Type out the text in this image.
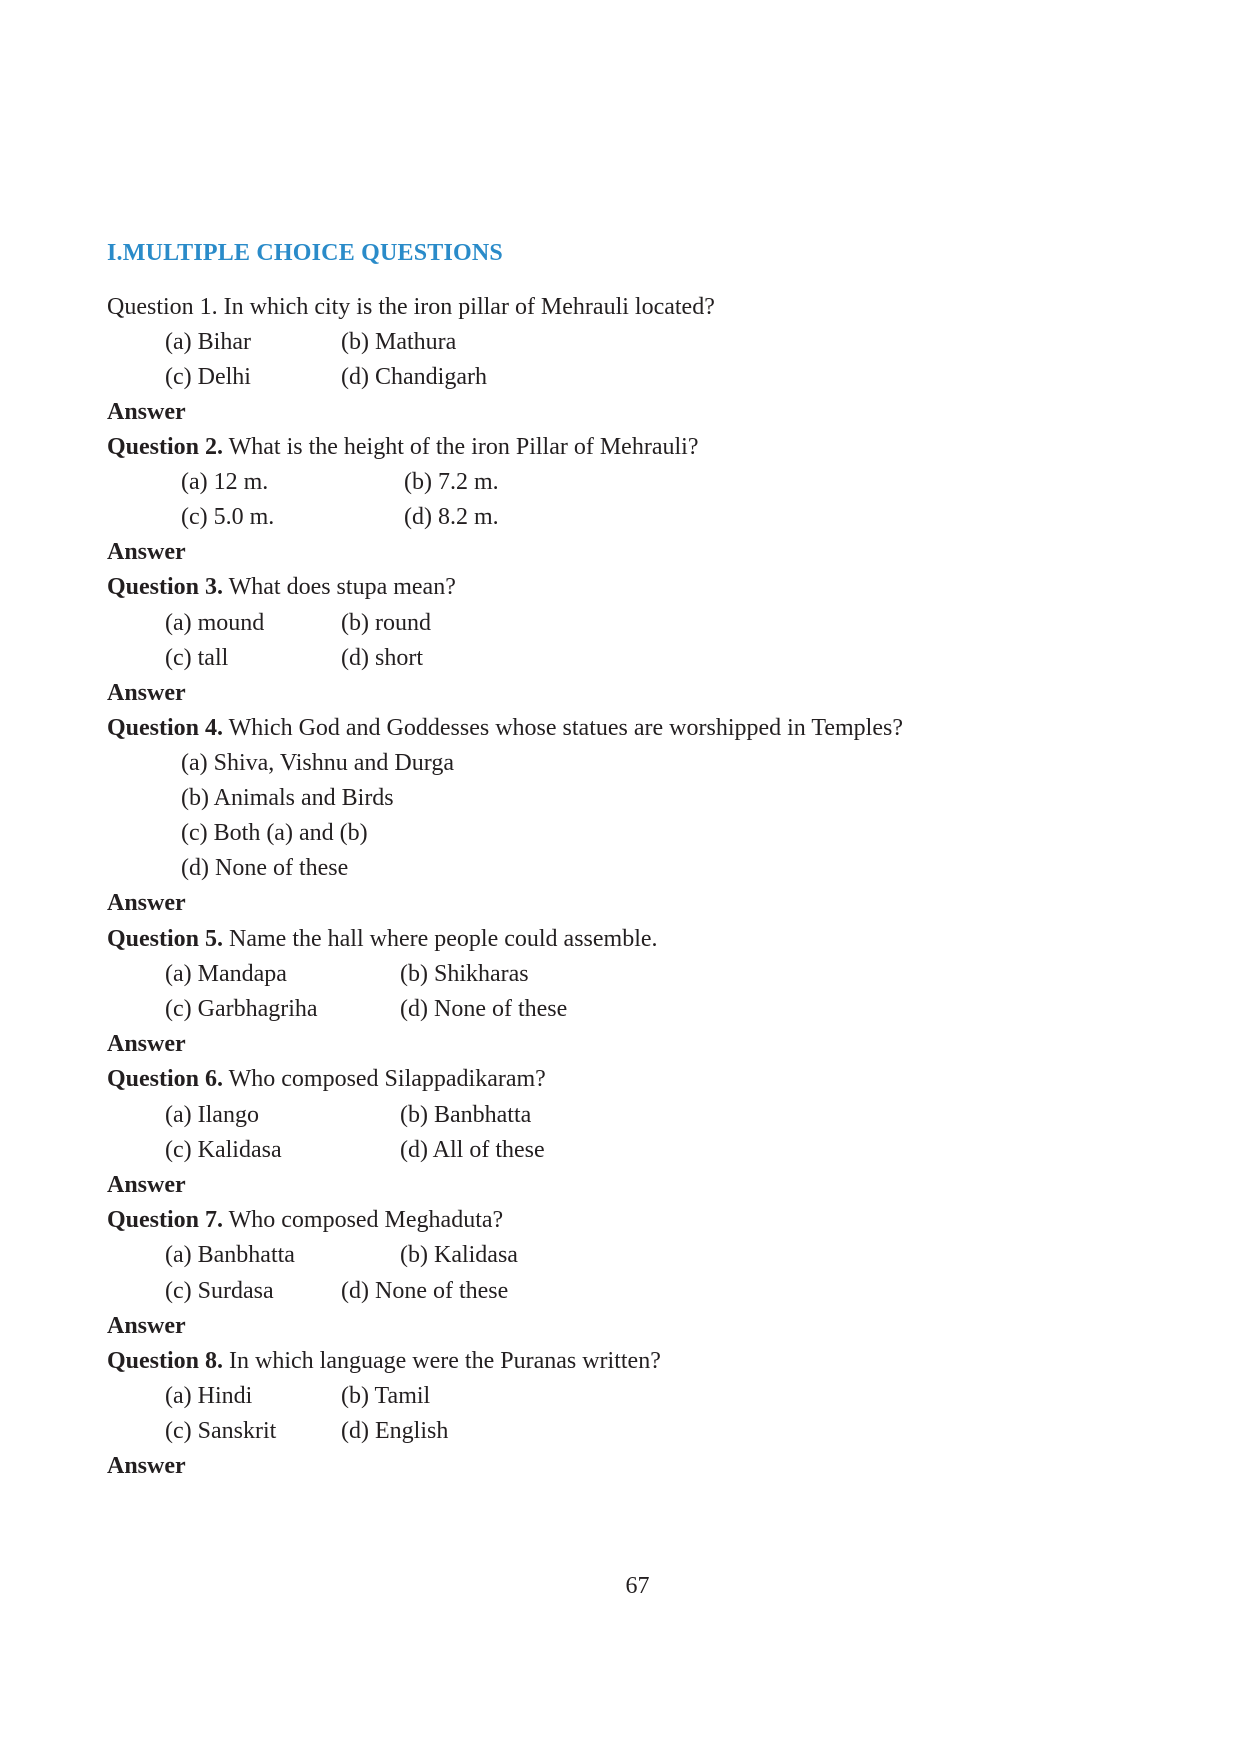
I.MULTIPLE CHOICE QUESTIONS
Question 1. In which city is the iron pillar of Mehrauli located?
(a) Bihar	(b) Mathura
(c) Delhi	(d) Chandigarh
Answer
Question 2. What is the height of the iron Pillar of Mehrauli?
(a) 12 m.	(b) 7.2 m.
(c) 5.0 m.	(d) 8.2 m.
Answer
Question 3. What does stupa mean?
(a) mound	(b) round
(c) tall	(d) short
Answer
Question 4. Which God and Goddesses whose statues are worshipped in Temples?
(a) Shiva, Vishnu and Durga
(b) Animals and Birds
(c) Both (a) and (b)
(d) None of these
Answer
Question 5. Name the hall where people could assemble.
(a) Mandapa	(b) Shikharas
(c) Garbhagriha	(d) None of these
Answer
Question 6. Who composed Silappadikaram?
(a) Ilango	(b) Banbhatta
(c) Kalidasa	(d) All of these
Answer
Question 7. Who composed Meghaduta?
(a) Banbhatta	(b) Kalidasa
(c) Surdasa	(d) None of these
Answer
Question 8. In which language were the Puranas written?
(a) Hindi	(b) Tamil
(c) Sanskrit	(d) English
Answer
67
